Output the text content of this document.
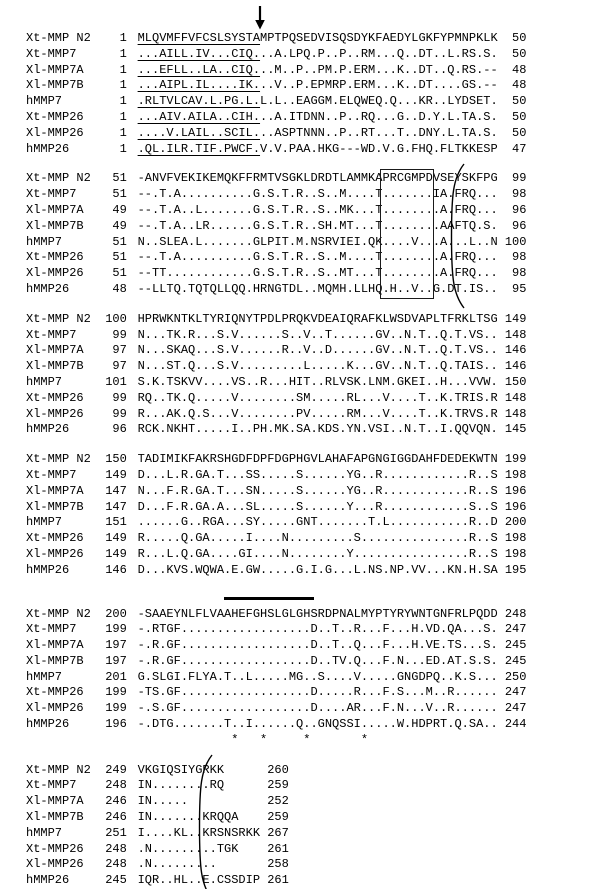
Xt-MMP N2 1 MLQVMFFVFCSLSYSTAMPTPQSEDVISQSDYKFAEDYLGKFYPMNPKLK 50
Xt-MMP7	1 ...AILL.IV...CIQ...A.LPQ.P..P..RM...Q..DT..L.RS.S. 50
Xl-MMP7A	1 ...EFLL..LA..CIQ...M..P..PM.P.ERM...K..DT..Q.RS.-- 48
Xl-MMP7B	1 ...AIPL.IL....IK...V..P.EPMRP.ERM...K..DT....GS.-- 48
hMMP7	1 .RLTVLCAV.L.PG.L.L.L..EAGGM.ELQWEQ.Q...KR..LYDSET. 50
Xt-MMP26	1 ...AIV.AILA..CIH...A.ITDNN..P..RQ...G..D.Y.L.TA.S. 50
Xl-MMP26	1 ....V.LAIL..SCIL...ASPTNNN..P..RT...T..DNY.L.TA.S. 50
hMMP26	1 .QL.ILR.TIF.PWCF.V.V.PAA.HKG---WD.V.G.FHQ.FLTKKESP 47
Xt-MMP N2 51 -ANVFVEKIKEMQKFFRMTVSGKLDRDTLAMMKAPRCGMPDVSEYSKFPG 99
Xt-MMP7	51 --.T.A..........G.S.T.R..S..M....T.......IA.FRQ... 98
Xl-MMP7A 49 --.T.A..L.......G.S.T.R..S..MK...T........A.FRQ... 96
Xl-MMP7B 49 --.T.A..LR......G.S.T.R..SH.MT...T........AAFTQ.S. 96
hMMP7	51 N..SLEA.L.......GLPIT.M.NSRVIEI.QK....V...A...L..N 100
Xt-MMP26 51 --.T.A..........G.S.T.R..S..M....T........A.FRQ... 98
Xl-MMP26 51 --TT............G.S.T.R..S..MT...T........A.FRQ... 98
hMMP26	48 --LLTQ.TQTQLLQQ.HRNGTDL..MQMH.LLHQ.H..V..G.DT.IS.. 95
Xt-MMP N2 100 HPRWKNTKLTYRIQNYTPDLPRQKVDEAIQRAFKLWSDVAPLTFRKLTSG 149
Xt-MMP7	99 N...TK.R...S.V......S..V..T......GV..N.T..Q.T.VS.. 148
Xl-MMP7A 97 N...SKAQ...S.V......R..V..D......GV..N.T..Q.T.VS.. 146
Xl-MMP7B 97 N...ST.Q...S.V.........L.....K...GV..N.T..Q.TAIS.. 146
hMMP7	101 S.K.TSKVV....VS..R...HIT..RLVSK.LNM.GKEI..H...VVW. 150
Xt-MMP26 99 RQ..TK.Q.....V........SM.....RL...V....T..K.TRIS.R 148
Xl-MMP26 99 R...AK.Q.S...V........PV.....RM...V....T..K.TRVS.R 148
hMMP26	96 RCK.NKHT.....I..PH.MK.SA.KDS.YN.VSI..N.T..I.QQVQN. 145
Xt-MMP N2 150 TADIMIKFAKRSHGDFDPFDGPHGVLAHAFAPGNGIGGDAHFDEDEKWTN 199
Xt-MMP7 149 D...L.R.GA.T...SS.....S......YG..R............R..S 198
Xl-MMP7A 147 N...F.R.GA.T...SN.....S......YG..R............R..S 196
Xl-MMP7B 147 D...F.R.GA.A...SL.....S......Y...R............S..S 196
hMMP7	151 ......G..RGA...SY.....GNT.......T.L...........R..D 200
Xt-MMP26 149 R.....Q.GA.....I....N.........S...............R..S 198
Xl-MMP26 149 R...L.Q.GA....GI....N........Y................R..S 198
hMMP26	146 D...KVS.WQWA.E.GW.....G.I.G...L.NS.NP.VV...KN.H.SA 195
Xt-MMP N2 200 -SAAEYNLFLVAAHEFGHSLGLGHSRDPNALMYPTYRYWNTGNFRLPQDD 248
Xt-MMP7 199 -.RTGF..................D..T..R...F...H.VD.QA...S. 247
Xl-MMP7A 197 -.R.GF..................D..T..Q...F...H.VE.TS...S. 245
Xl-MMP7B 197 -.R.GF..................D..TV.Q...F.N...ED.AT.S.S. 245
hMMP7	201 G.SLGI.FLYA.T..L.....MG..S....V.....GNGDPQ..K.S... 250
Xt-MMP26 199 -TS.GF..................D.....R...F.S...M..R...... 247
Xl-MMP26 199 -.S.GF..................D....AR...F.N...V..R...... 247
hMMP26	196 -.DTG.......T..I......Q..GNQSSI.....W.HDPRT.Q.SA.. 244
*   *     *       *
Xt-MMP N2 249 VKGIQSIYGRKK	260
Xt-MMP7 248 IN........RQ	259
Xl-MMP7A 246 IN.....	252
Xl-MMP7B 246 IN.......KRQQA 259
hMMP7	251 I....KL..KRSNSRKK 267
Xt-MMP26 248 .N.........TGK 261
Xl-MMP26 248 .N.........	258
hMMP26	245 IQR..HL..E.CSSDIP 261
